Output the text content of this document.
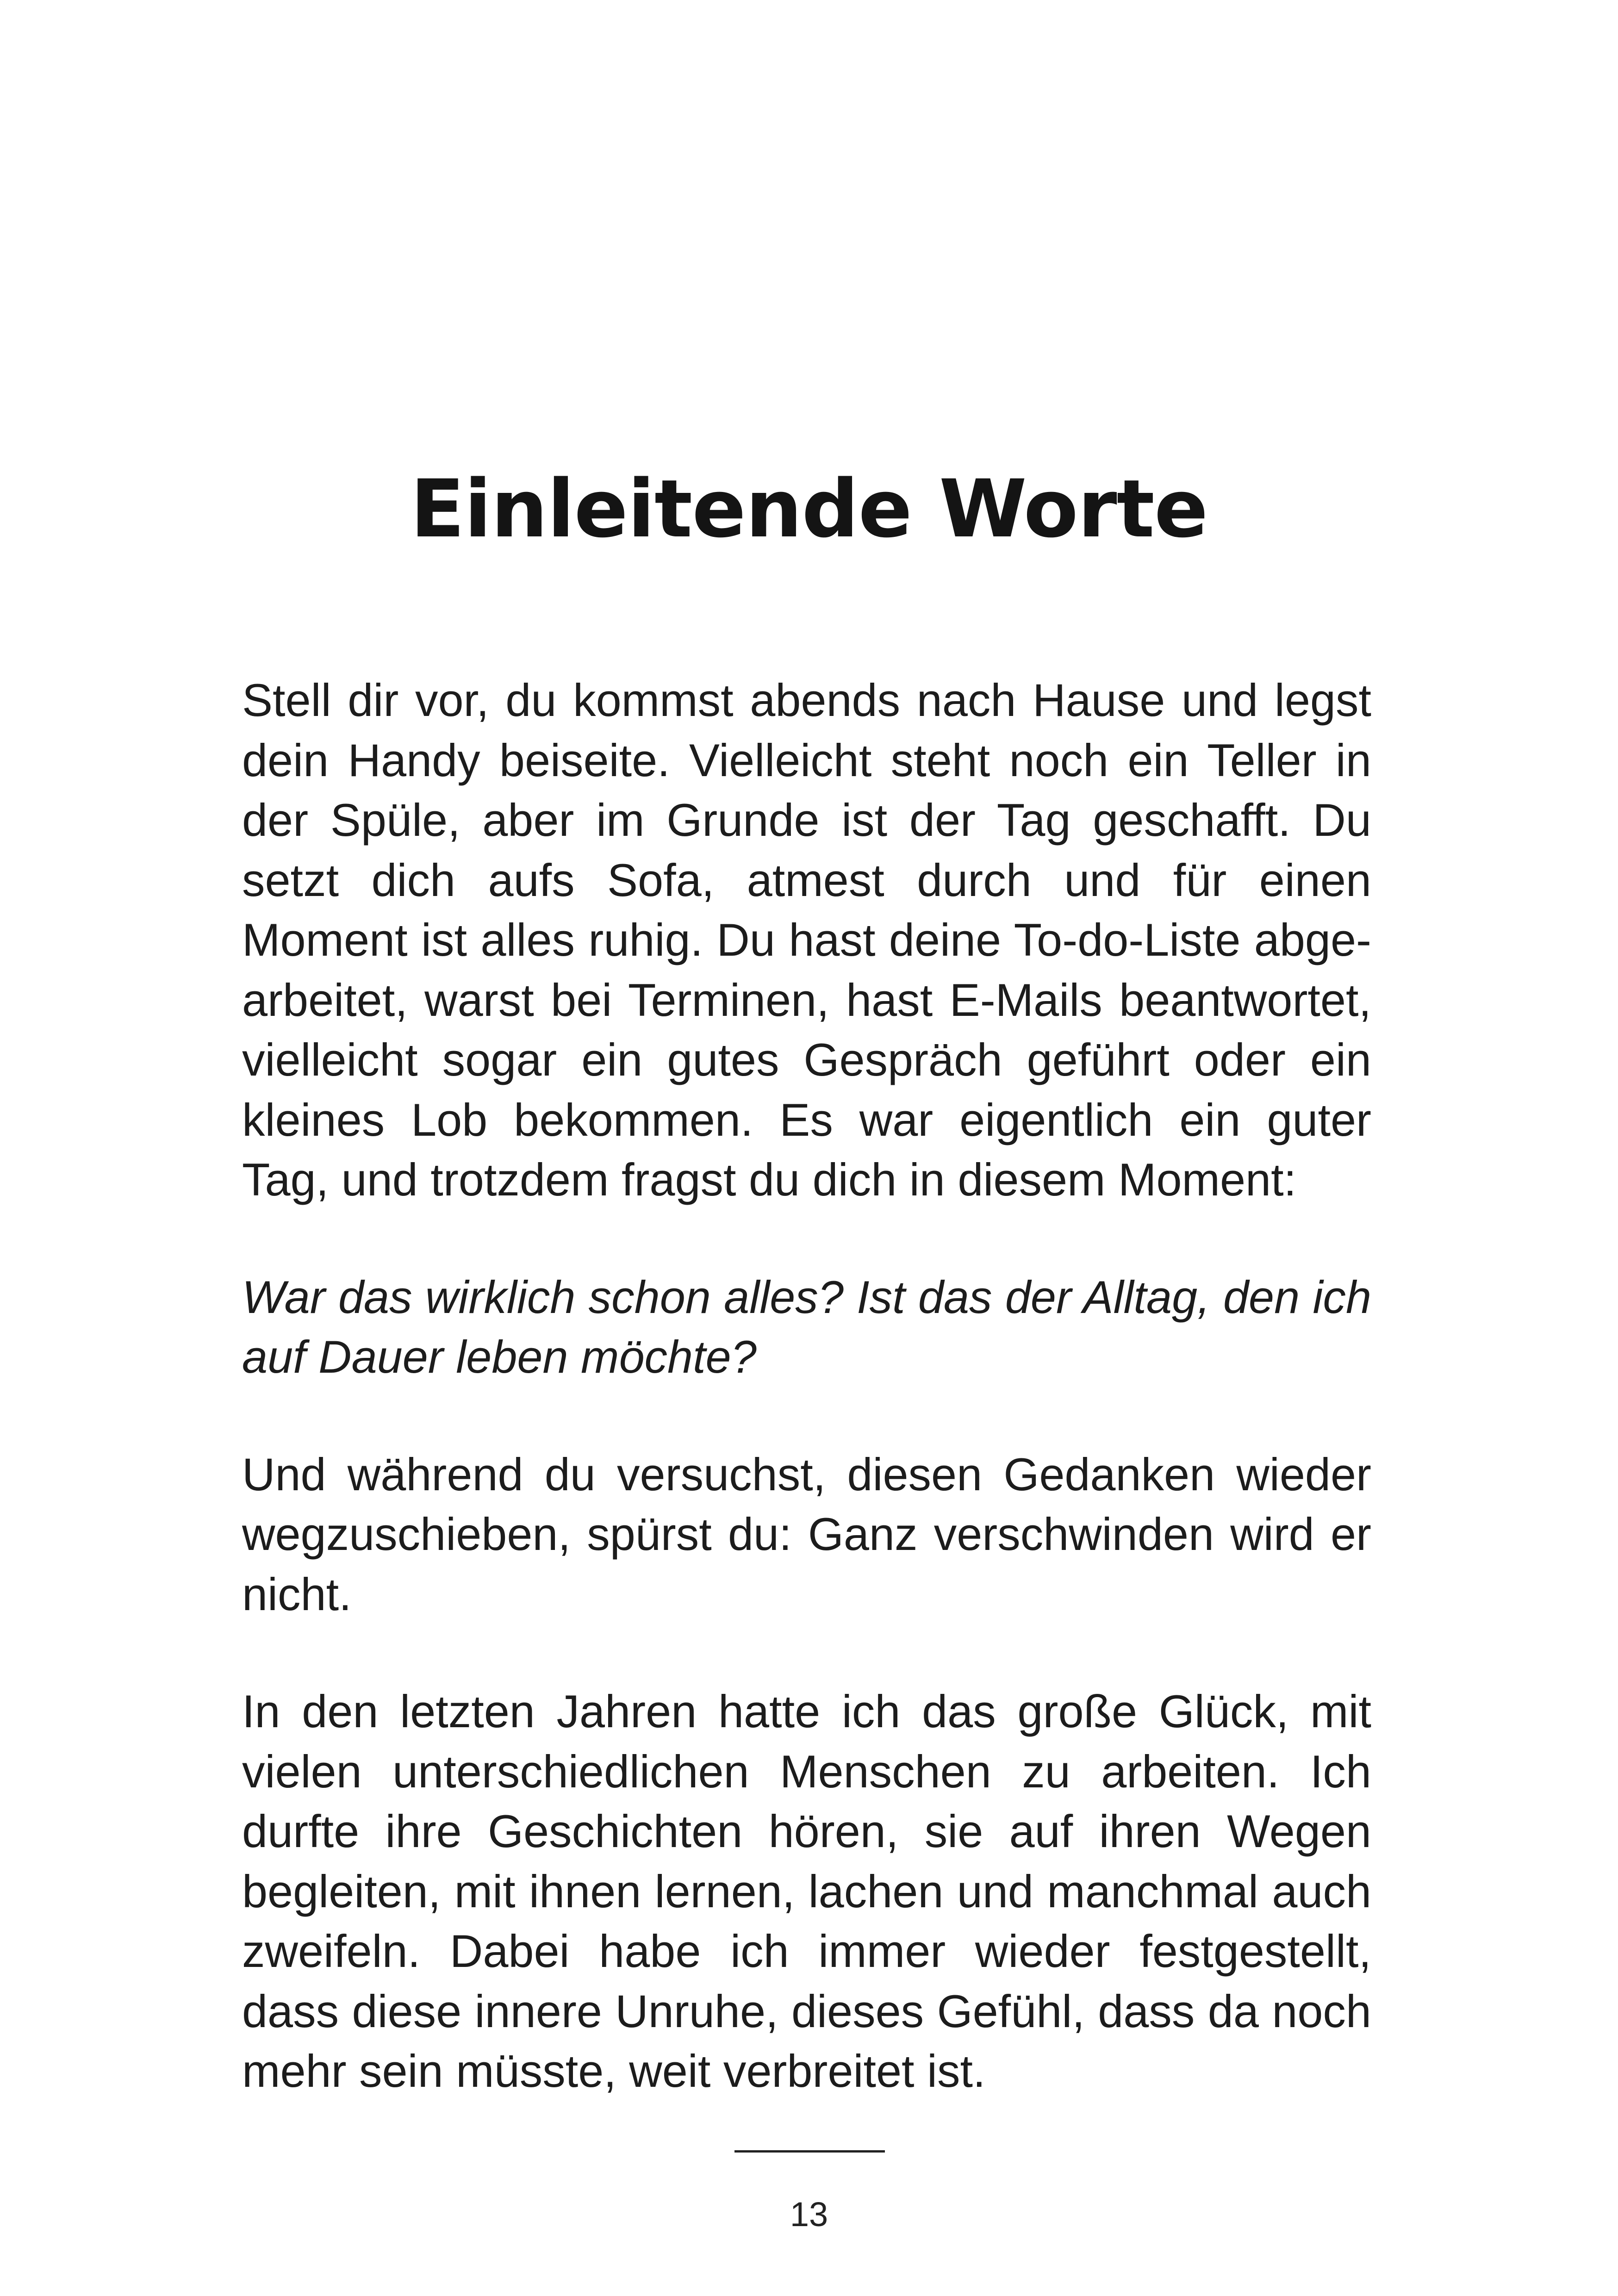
Einleitende Worte

Stell dir vor, du kommst abends nach Hause und legst dein Handy beiseite. Vielleicht steht noch ein Teller in der Spüle, aber im Grunde ist der Tag geschafft. Du setzt dich aufs Sofa, atmest durch und für einen Moment ist alles ruhig. Du hast deine To-do-Liste abgearbeitet, warst bei Terminen, hast E-Mails beantwortet, vielleicht sogar ein gutes Gespräch geführt oder ein kleines Lob bekommen. Es war eigentlich ein guter Tag, und trotzdem fragst du dich in diesem Moment:

War das wirklich schon alles? Ist das der Alltag, den ich auf Dauer leben möchte?

Und während du versuchst, diesen Gedanken wieder wegzuschieben, spürst du: Ganz verschwinden wird er nicht.

In den letzten Jahren hatte ich das große Glück, mit vielen unterschiedlichen Menschen zu arbeiten. Ich durfte ihre Geschichten hören, sie auf ihren Wegen begleiten, mit ihnen lernen, lachen und manchmal auch zweifeln. Dabei habe ich immer wieder festgestellt, dass diese innere Unruhe, dieses Gefühl, dass da noch mehr sein müsste, weit verbreitet ist.

13
